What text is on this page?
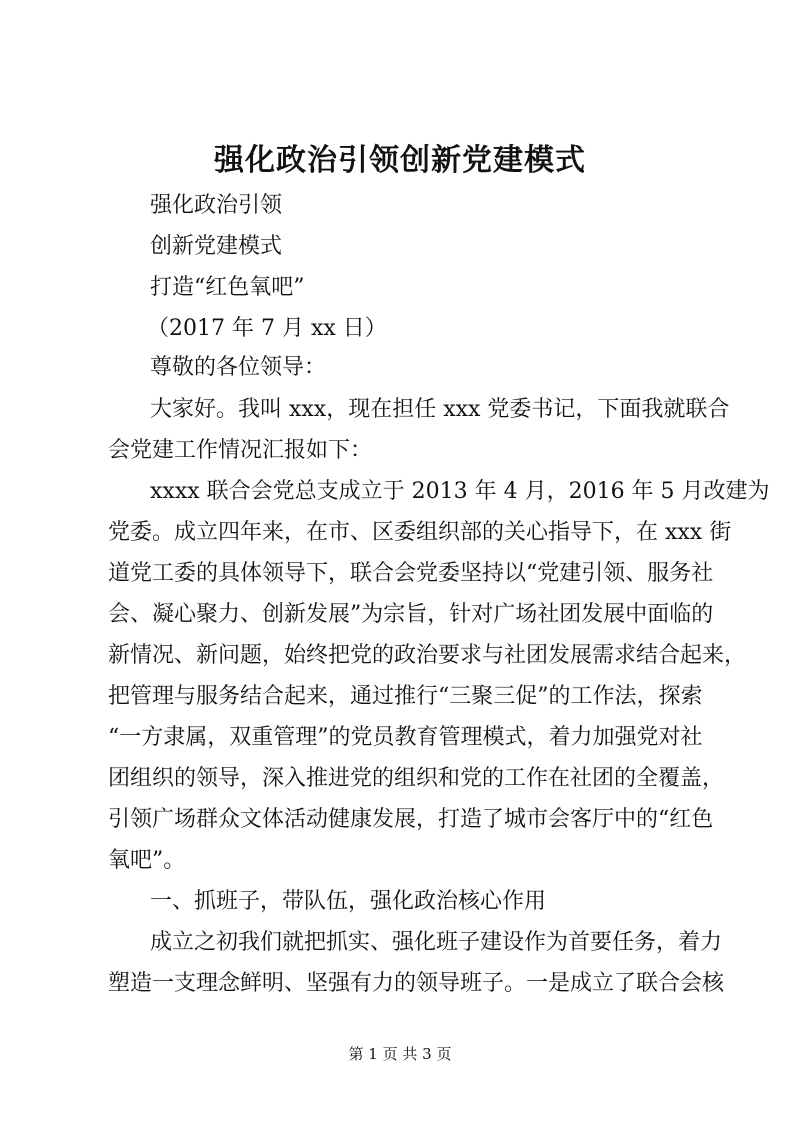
强化政治引领创新党建模式
强化政治引领
创新党建模式
打造“红色氧吧”
（2017 年 7 月 xx 日）
尊敬的各位领导：
大家好。我叫 xxx，现在担任 xxx 党委书记，下面我就联合
会党建工作情况汇报如下：
xxxx 联合会党总支成立于 2013 年 4 月，2016 年 5 月改建为
党委。成立四年来，在市、区委组织部的关心指导下，在 xxx 街
道党工委的具体领导下，联合会党委坚持以“党建引领、服务社
会、凝心聚力、创新发展”为宗旨，针对广场社团发展中面临的
新情况、新问题，始终把党的政治要求与社团发展需求结合起来，
把管理与服务结合起来，通过推行“三聚三促”的工作法，探索
“一方隶属，双重管理”的党员教育管理模式，着力加强党对社
团组织的领导，深入推进党的组织和党的工作在社团的全覆盖，
引领广场群众文体活动健康发展，打造了城市会客厅中的“红色
氧吧”。
一、抓班子，带队伍，强化政治核心作用
成立之初我们就把抓实、强化班子建设作为首要任务，着力
塑造一支理念鲜明、坚强有力的领导班子。一是成立了联合会核
第 1 页 共 3 页
